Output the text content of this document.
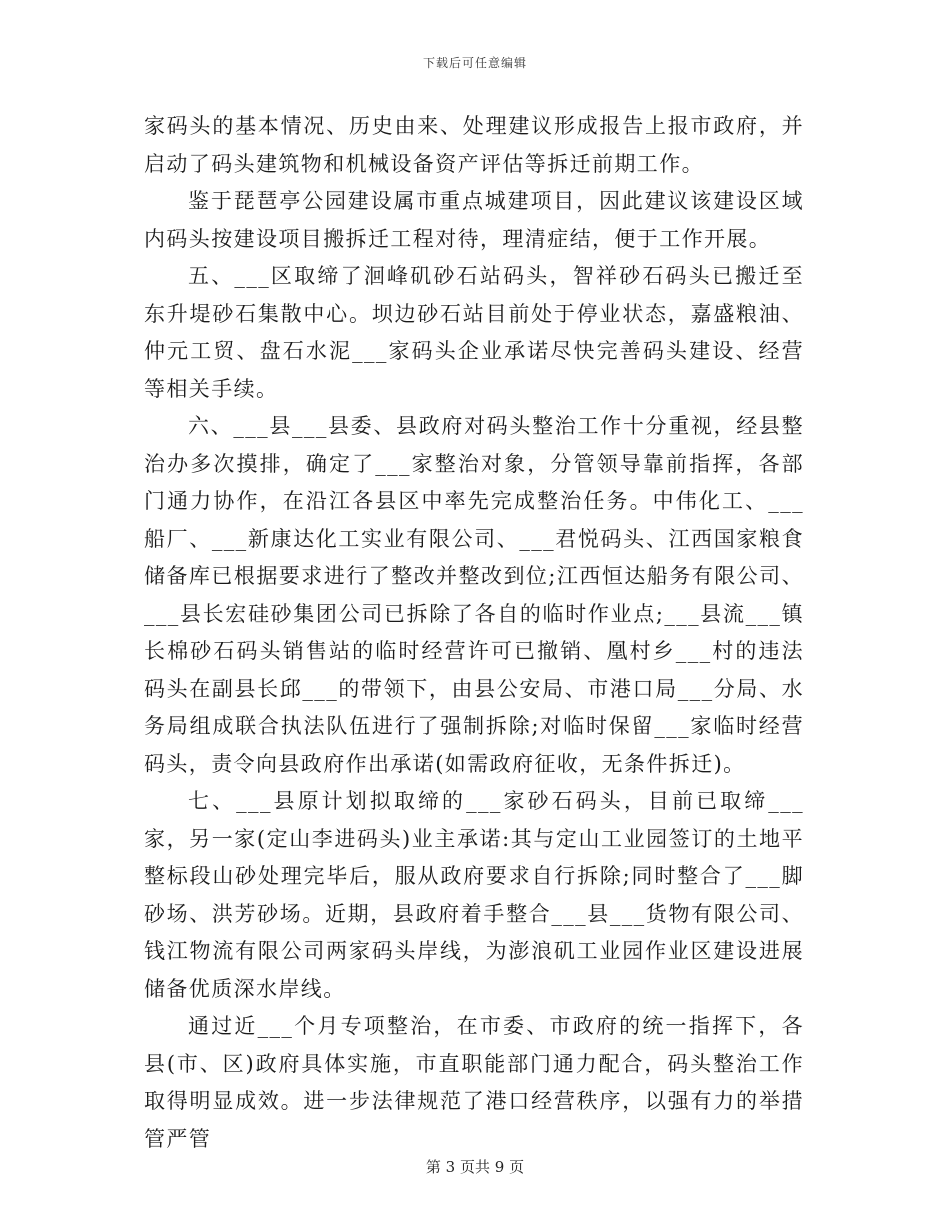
下载后可任意编辑

家码头的基本情况、历史由来、处理建议形成报告上报市政府，并启动了码头建筑物和机械设备资产评估等拆迁前期工作。

鉴于琵琶亭公园建设属市重点城建项目，因此建议该建设区域内码头按建设项目搬拆迁工程对待，理清症结，便于工作开展。

五、___区取缔了洄峰矶砂石站码头，智祥砂石码头已搬迁至东升堤砂石集散中心。坝边砂石站目前处于停业状态，嘉盛粮油、仲元工贸、盘石水泥___家码头企业承诺尽快完善码头建设、经营等相关手续。

六、___县___县委、县政府对码头整治工作十分重视，经县整治办多次摸排，确定了___家整治对象，分管领导靠前指挥，各部门通力协作，在沿江各县区中率先完成整治任务。中伟化工、___船厂、___新康达化工实业有限公司、___君悦码头、江西国家粮食储备库已根据要求进行了整改并整改到位;江西恒达船务有限公司、___县长宏硅砂集团公司已拆除了各自的临时作业点;___县流___镇长棉砂石码头销售站的临时经营许可已撤销、凰村乡___村的违法码头在副县长邱___的带领下，由县公安局、市港口局___分局、水务局组成联合执法队伍进行了强制拆除;对临时保留___家临时经营码头，责令向县政府作出承诺(如需政府征收，无条件拆迁)。

七、___县原计划拟取缔的___家砂石码头，目前已取缔___家，另一家(定山李进码头)业主承诺:其与定山工业园签订的土地平整标段山砂处理完毕后，服从政府要求自行拆除;同时整合了___脚砂场、洪芳砂场。近期，县政府着手整合___县___货物有限公司、钱江物流有限公司两家码头岸线，为澎浪矶工业园作业区建设进展储备优质深水岸线。

通过近___个月专项整治，在市委、市政府的统一指挥下，各县(市、区)政府具体实施，市直职能部门通力配合，码头整治工作取得明显成效。进一步法律规范了港口经营秩序，以强有力的举措管严管

第 3 页共 9 页
